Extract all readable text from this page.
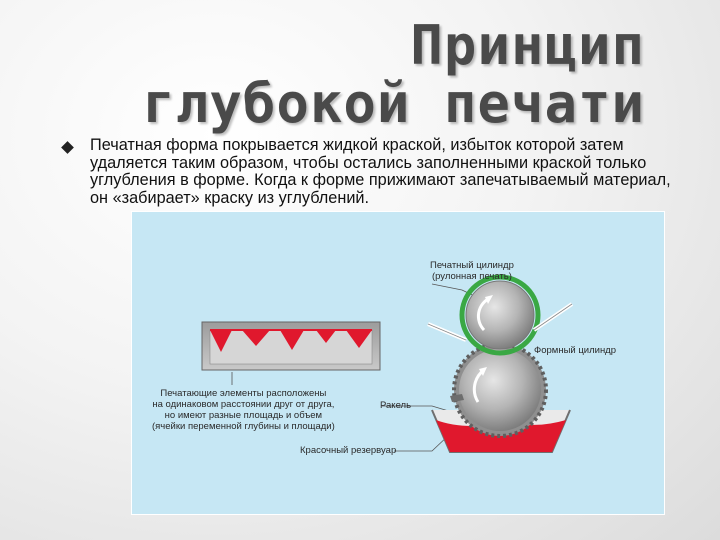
Принцип
глубокой печати
Печатная форма покрывается жидкой краской, избыток которой затем удаляется таким образом, чтобы остались заполненными краской только углубления в форме. Когда к форме прижимают запечатываемый материал, он «забирает» краску из углублений.
Печатный цилиндр
(рулонная печать)
Формный цилиндр
Печатающие элементы расположены
на одинаковом расстоянии друг от друга,
но имеют разные площадь и объем
(ячейки переменной глубины и площади)
Ракель
Красочный резервуар
